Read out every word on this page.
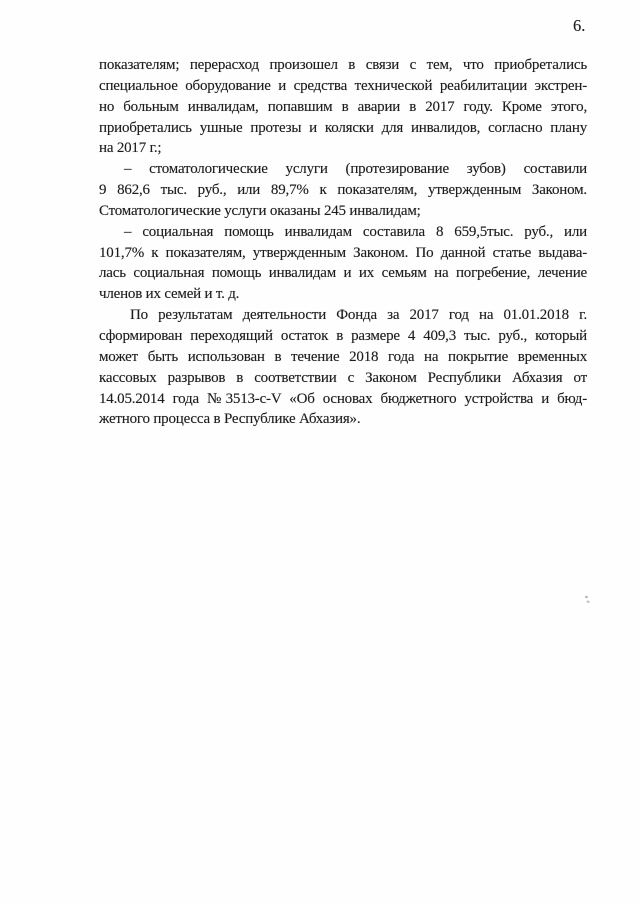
6.
показателям; перерасход произошел в связи с тем, что приобретались
специальное оборудование и средства технической реабилитации экстрен-
но больным инвалидам, попавшим в аварии в 2017 году. Кроме этого,
приобретались ушные протезы и коляски для инвалидов, согласно плану
на 2017 г.;
– стоматологические услуги (протезирование зубов) составили
9 862,6 тыс. руб., или 89,7% к показателям, утвержденным Законом.
Стоматологические услуги оказаны 245 инвалидам;
– социальная помощь инвалидам составила 8 659,5тыс. руб., или
101,7% к показателям, утвержденным Законом. По данной статье выдава-
лась социальная помощь инвалидам и их семьям на погребение, лечение
членов их семей и т. д.
По результатам деятельности Фонда за 2017 год на 01.01.2018 г.
сформирован переходящий остаток в размере 4 409,3 тыс. руб., который
может быть использован в течение 2018 года на покрытие временных
кассовых разрывов в соответствии с Законом Республики Абхазия от
14.05.2014 года №3513-с-V «Об основах бюджетного устройства и бюд-
жетного процесса в Республике Абхазия».
